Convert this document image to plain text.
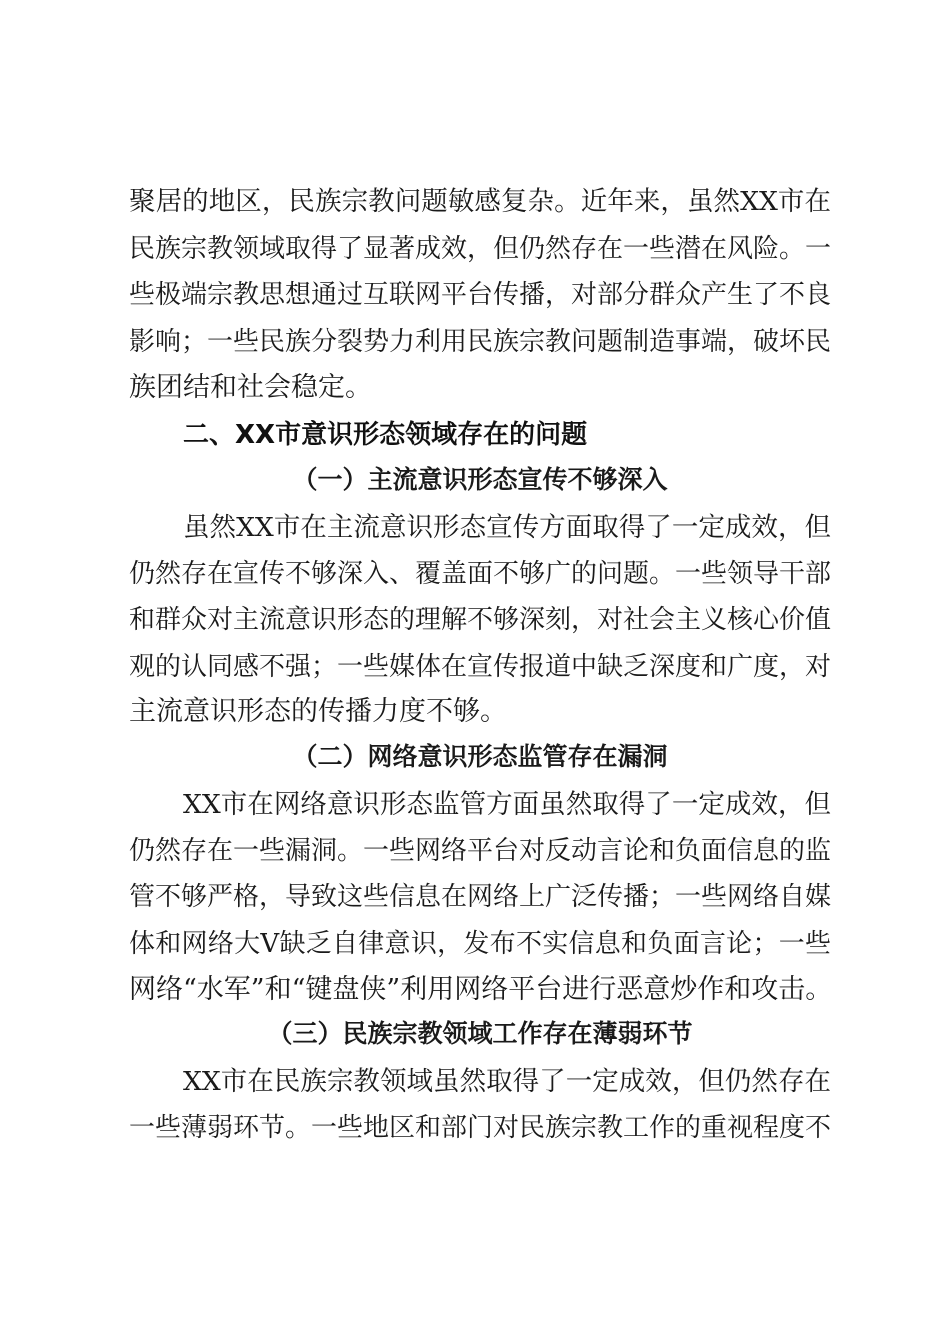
聚居的地区，民族宗教问题敏感复杂。近年来，虽然XX市在
民族宗教领域取得了显著成效，但仍然存在一些潜在风险。一
些极端宗教思想通过互联网平台传播，对部分群众产生了不良
影响；一些民族分裂势力利用民族宗教问题制造事端，破坏民
族团结和社会稳定。
二、XX市意识形态领域存在的问题
（一）主流意识形态宣传不够深入
虽然XX市在主流意识形态宣传方面取得了一定成效，但
仍然存在宣传不够深入、覆盖面不够广的问题。一些领导干部
和群众对主流意识形态的理解不够深刻，对社会主义核心价值
观的认同感不强；一些媒体在宣传报道中缺乏深度和广度，对
主流意识形态的传播力度不够。
（二）网络意识形态监管存在漏洞
XX市在网络意识形态监管方面虽然取得了一定成效，但
仍然存在一些漏洞。一些网络平台对反动言论和负面信息的监
管不够严格，导致这些信息在网络上广泛传播；一些网络自媒
体和网络大V缺乏自律意识，发布不实信息和负面言论；一些
网络“水军”和“键盘侠”利用网络平台进行恶意炒作和攻击。
（三）民族宗教领域工作存在薄弱环节
XX市在民族宗教领域虽然取得了一定成效，但仍然存在
一些薄弱环节。一些地区和部门对民族宗教工作的重视程度不
